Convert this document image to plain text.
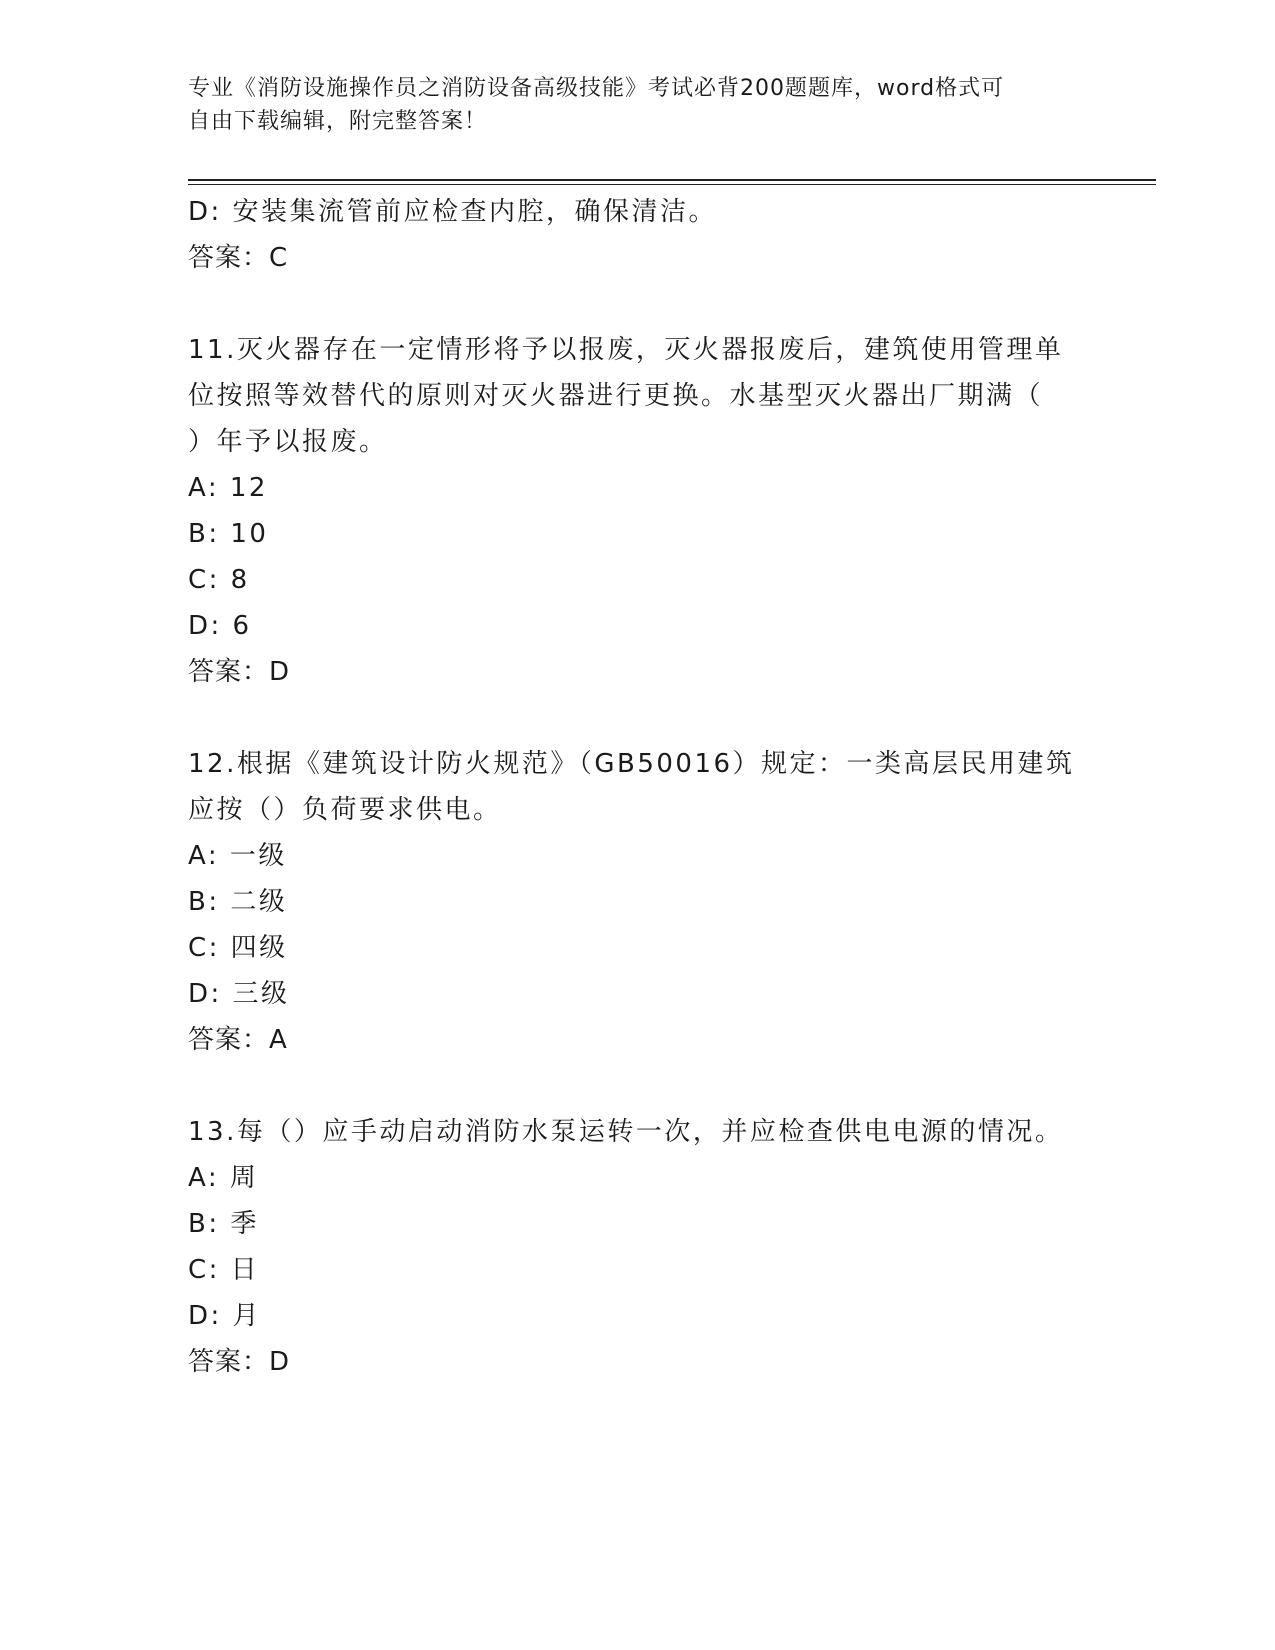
专业《消防设施操作员之消防设备高级技能》考试必背200题题库，word格式可
自由下载编辑，附完整答案！
D: 安装集流管前应检查内腔，确保清洁。
答案：C
11.灭火器存在一定情形将予以报废，灭火器报废后，建筑使用管理单
位按照等效替代的原则对灭火器进行更换。水基型灭火器出厂期满（
）年予以报废。
A: 12
B: 10
C: 8
D: 6
答案：D
12.根据《建筑设计防火规范》（GB50016）规定：一类高层民用建筑
应按（）负荷要求供电。
A: 一级
B: 二级
C: 四级
D: 三级
答案：A
13.每（）应手动启动消防水泵运转一次，并应检查供电电源的情况。
A: 周
B: 季
C: 日
D: 月
答案：D
